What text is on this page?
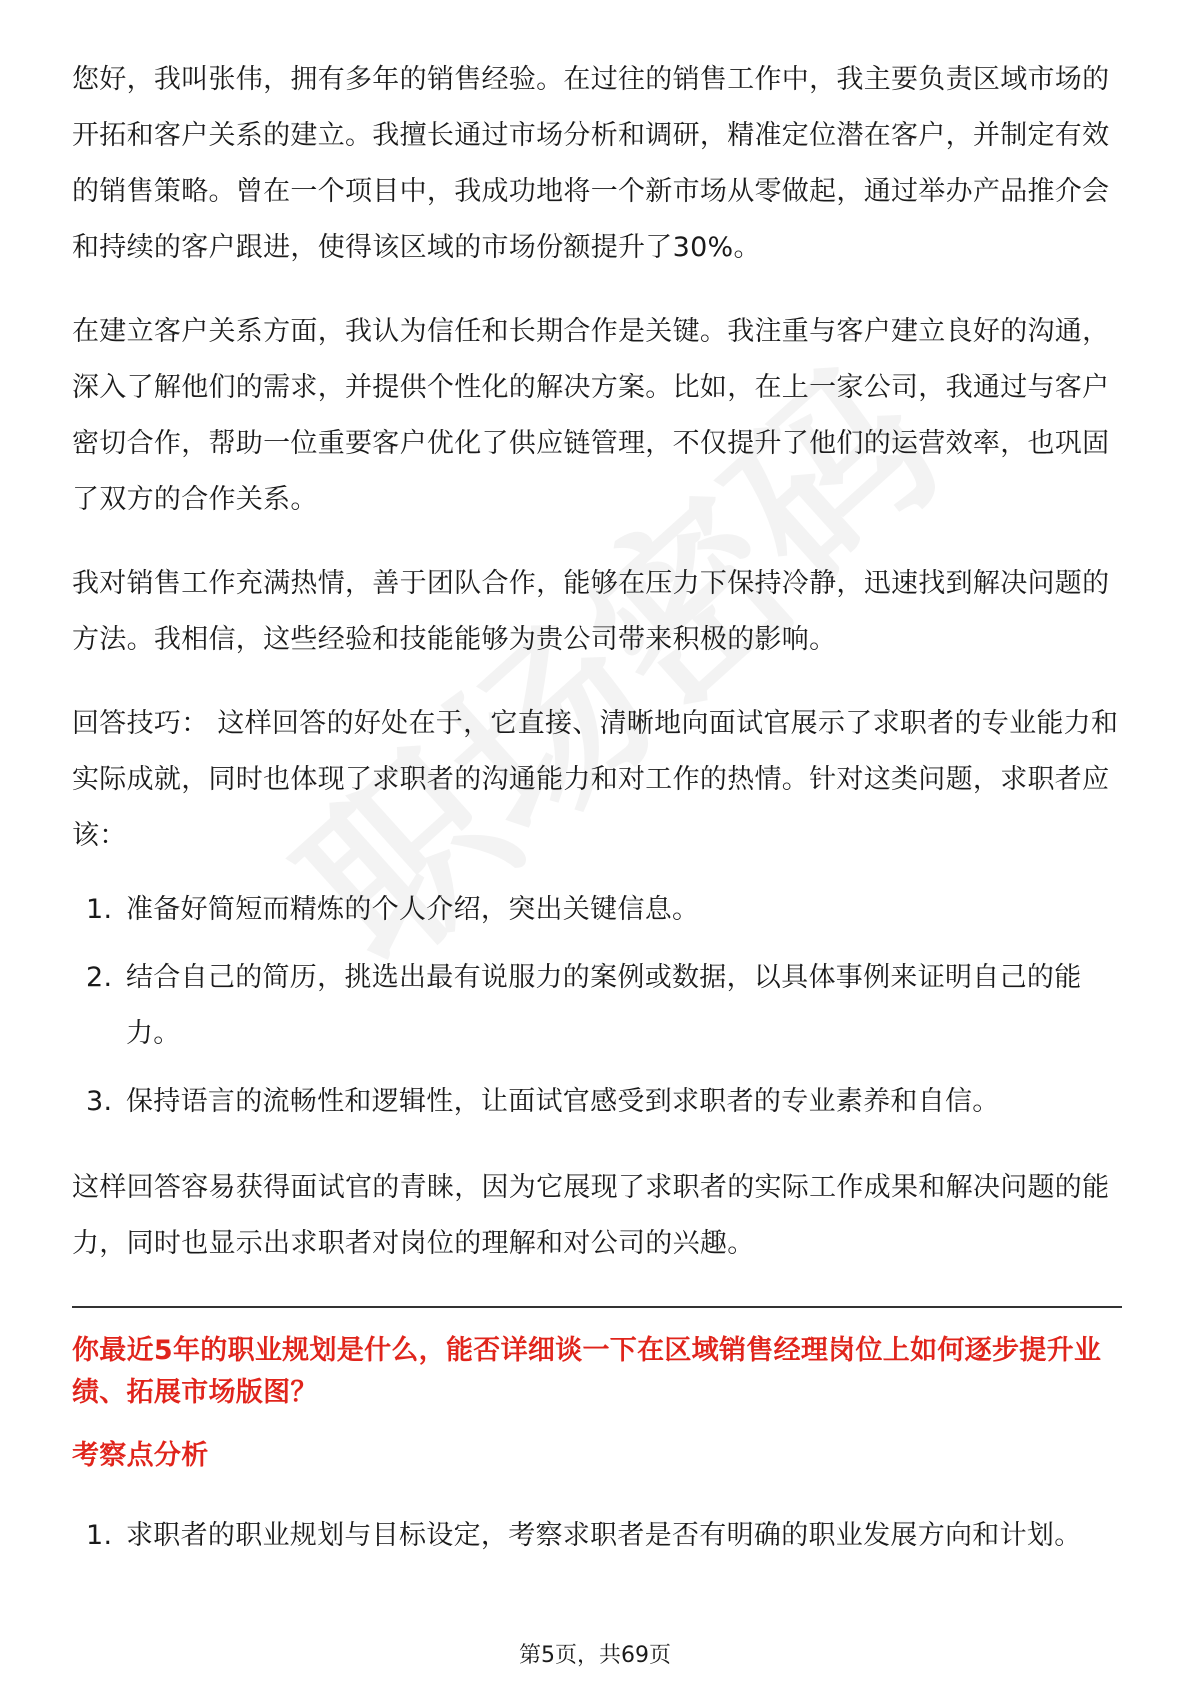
您好，我叫张伟，拥有多年的销售经验。在过往的销售工作中，我主要负责区域市场的开拓和客户关系的建立。我擅长通过市场分析和调研，精准定位潜在客户，并制定有效的销售策略。曾在一个项目中，我成功地将一个新市场从零做起，通过举办产品推介会和持续的客户跟进，使得该区域的市场份额提升了30%。

在建立客户关系方面，我认为信任和长期合作是关键。我注重与客户建立良好的沟通，深入了解他们的需求，并提供个性化的解决方案。比如，在上一家公司，我通过与客户密切合作，帮助一位重要客户优化了供应链管理，不仅提升了他们的运营效率，也巩固了双方的合作关系。

我对销售工作充满热情，善于团队合作，能够在压力下保持冷静，迅速找到解决问题的方法。我相信，这些经验和技能能够为贵公司带来积极的影响。

回答技巧： 这样回答的好处在于，它直接、清晰地向面试官展示了求职者的专业能力和实际成就，同时也体现了求职者的沟通能力和对工作的热情。针对这类问题，求职者应该：

1. 准备好简短而精炼的个人介绍，突出关键信息。
2. 结合自己的简历，挑选出最有说服力的案例或数据，以具体事例来证明自己的能力。
3. 保持语言的流畅性和逻辑性，让面试官感受到求职者的专业素养和自信。

这样回答容易获得面试官的青睐，因为它展现了求职者的实际工作成果和解决问题的能力，同时也显示出求职者对岗位的理解和对公司的兴趣。

你最近5年的职业规划是什么，能否详细谈一下在区域销售经理岗位上如何逐步提升业绩、拓展市场版图？

考察点分析

1. 求职者的职业规划与目标设定，考察求职者是否有明确的职业发展方向和计划。
第5页，共69页
